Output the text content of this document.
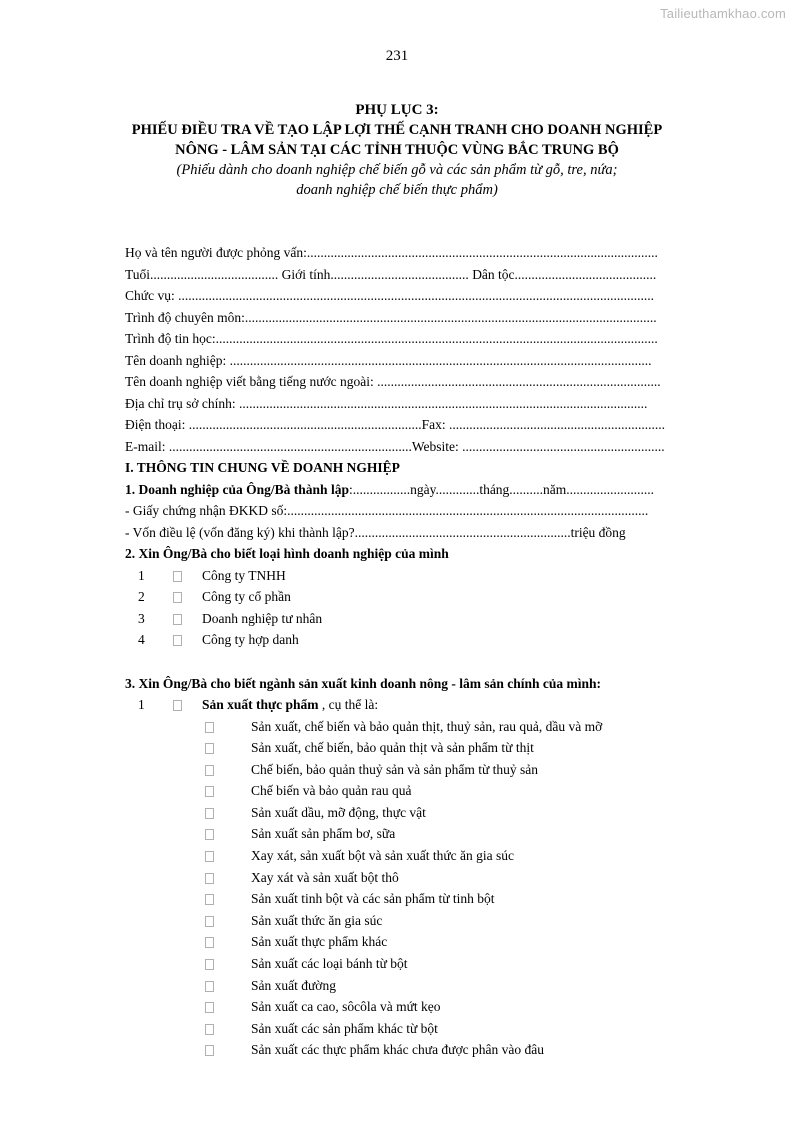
Tailieuthamkhao.com
231
PHỤ LỤC 3:
PHIẾU ĐIỀU TRA VỀ TẠO LẬP LỢI THẾ CẠNH TRANH CHO DOANH NGHIỆP
NÔNG - LÂM SẢN TẠI CÁC TỈNH THUỘC VÙNG BẮC TRUNG BỘ
(Phiếu dành cho doanh nghiệp chế biến gỗ và các sản phẩm từ gỗ, tre, nứa;
doanh nghiệp chế biến thực phẩm)
Họ và tên người được phỏng vấn:........................................................................................................
Tuổi...................................... Giới tính......................................... Dân tộc..........................................
Chức vụ: .............................................................................................................................................
Trình độ chuyên môn:..........................................................................................................................
Trình độ tin học:...................................................................................................................................
Tên doanh nghiệp: .............................................................................................................................
Tên doanh nghiệp viết bằng tiếng nước ngoài: ....................................................................................
Địa chỉ trụ sở chính: .........................................................................................................................
Điện thoại: .....................................................................Fax: ................................................................
E-mail: ........................................................................Website: ............................................................
I. THÔNG TIN CHUNG VỀ DOANH NGHIỆP
1. Doanh nghiệp của Ông/Bà thành lập:.................ngày.............tháng..........năm..........................
- Giấy chứng nhận ĐKKD số:...........................................................................................................
- Vốn điều lệ (vốn đăng ký) khi thành lập?................................................................triệu đồng
2. Xin Ông/Bà cho biết loại hình doanh nghiệp của mình
1	Công ty TNHH
2	Công ty cổ phần
3	Doanh nghiệp tư nhân
4	Công ty hợp danh
3. Xin Ông/Bà cho biết ngành sản xuất kinh doanh nông - lâm sản chính của mình:
1	Sản xuất thực phẩm , cụ thể là:
Sản xuất, chế biến và bảo quản thịt, thuỷ sản, rau quả, dầu và mỡ
Sản xuất, chế biến, bảo quản thịt và sản phẩm từ thịt
Chế biến, bảo quản thuỷ sản và sản phẩm từ thuỷ sản
Chế biến và bảo quản rau quả
Sản xuất dầu, mỡ động, thực vật
Sản xuất sản phẩm bơ, sữa
Xay xát, sản xuất bột và sản xuất thức ăn gia súc
Xay xát và sản xuất bột thô
Sản xuất tinh bột và các sản phẩm từ tinh bột
Sản xuất thức ăn gia súc
Sản xuất thực phẩm khác
Sản xuất các loại bánh từ bột
Sản xuất đường
Sản xuất ca cao, sôcôla và mứt kẹo
Sản xuất các sản phẩm khác từ bột
Sản xuất các thực phẩm khác chưa được phân vào đâu
